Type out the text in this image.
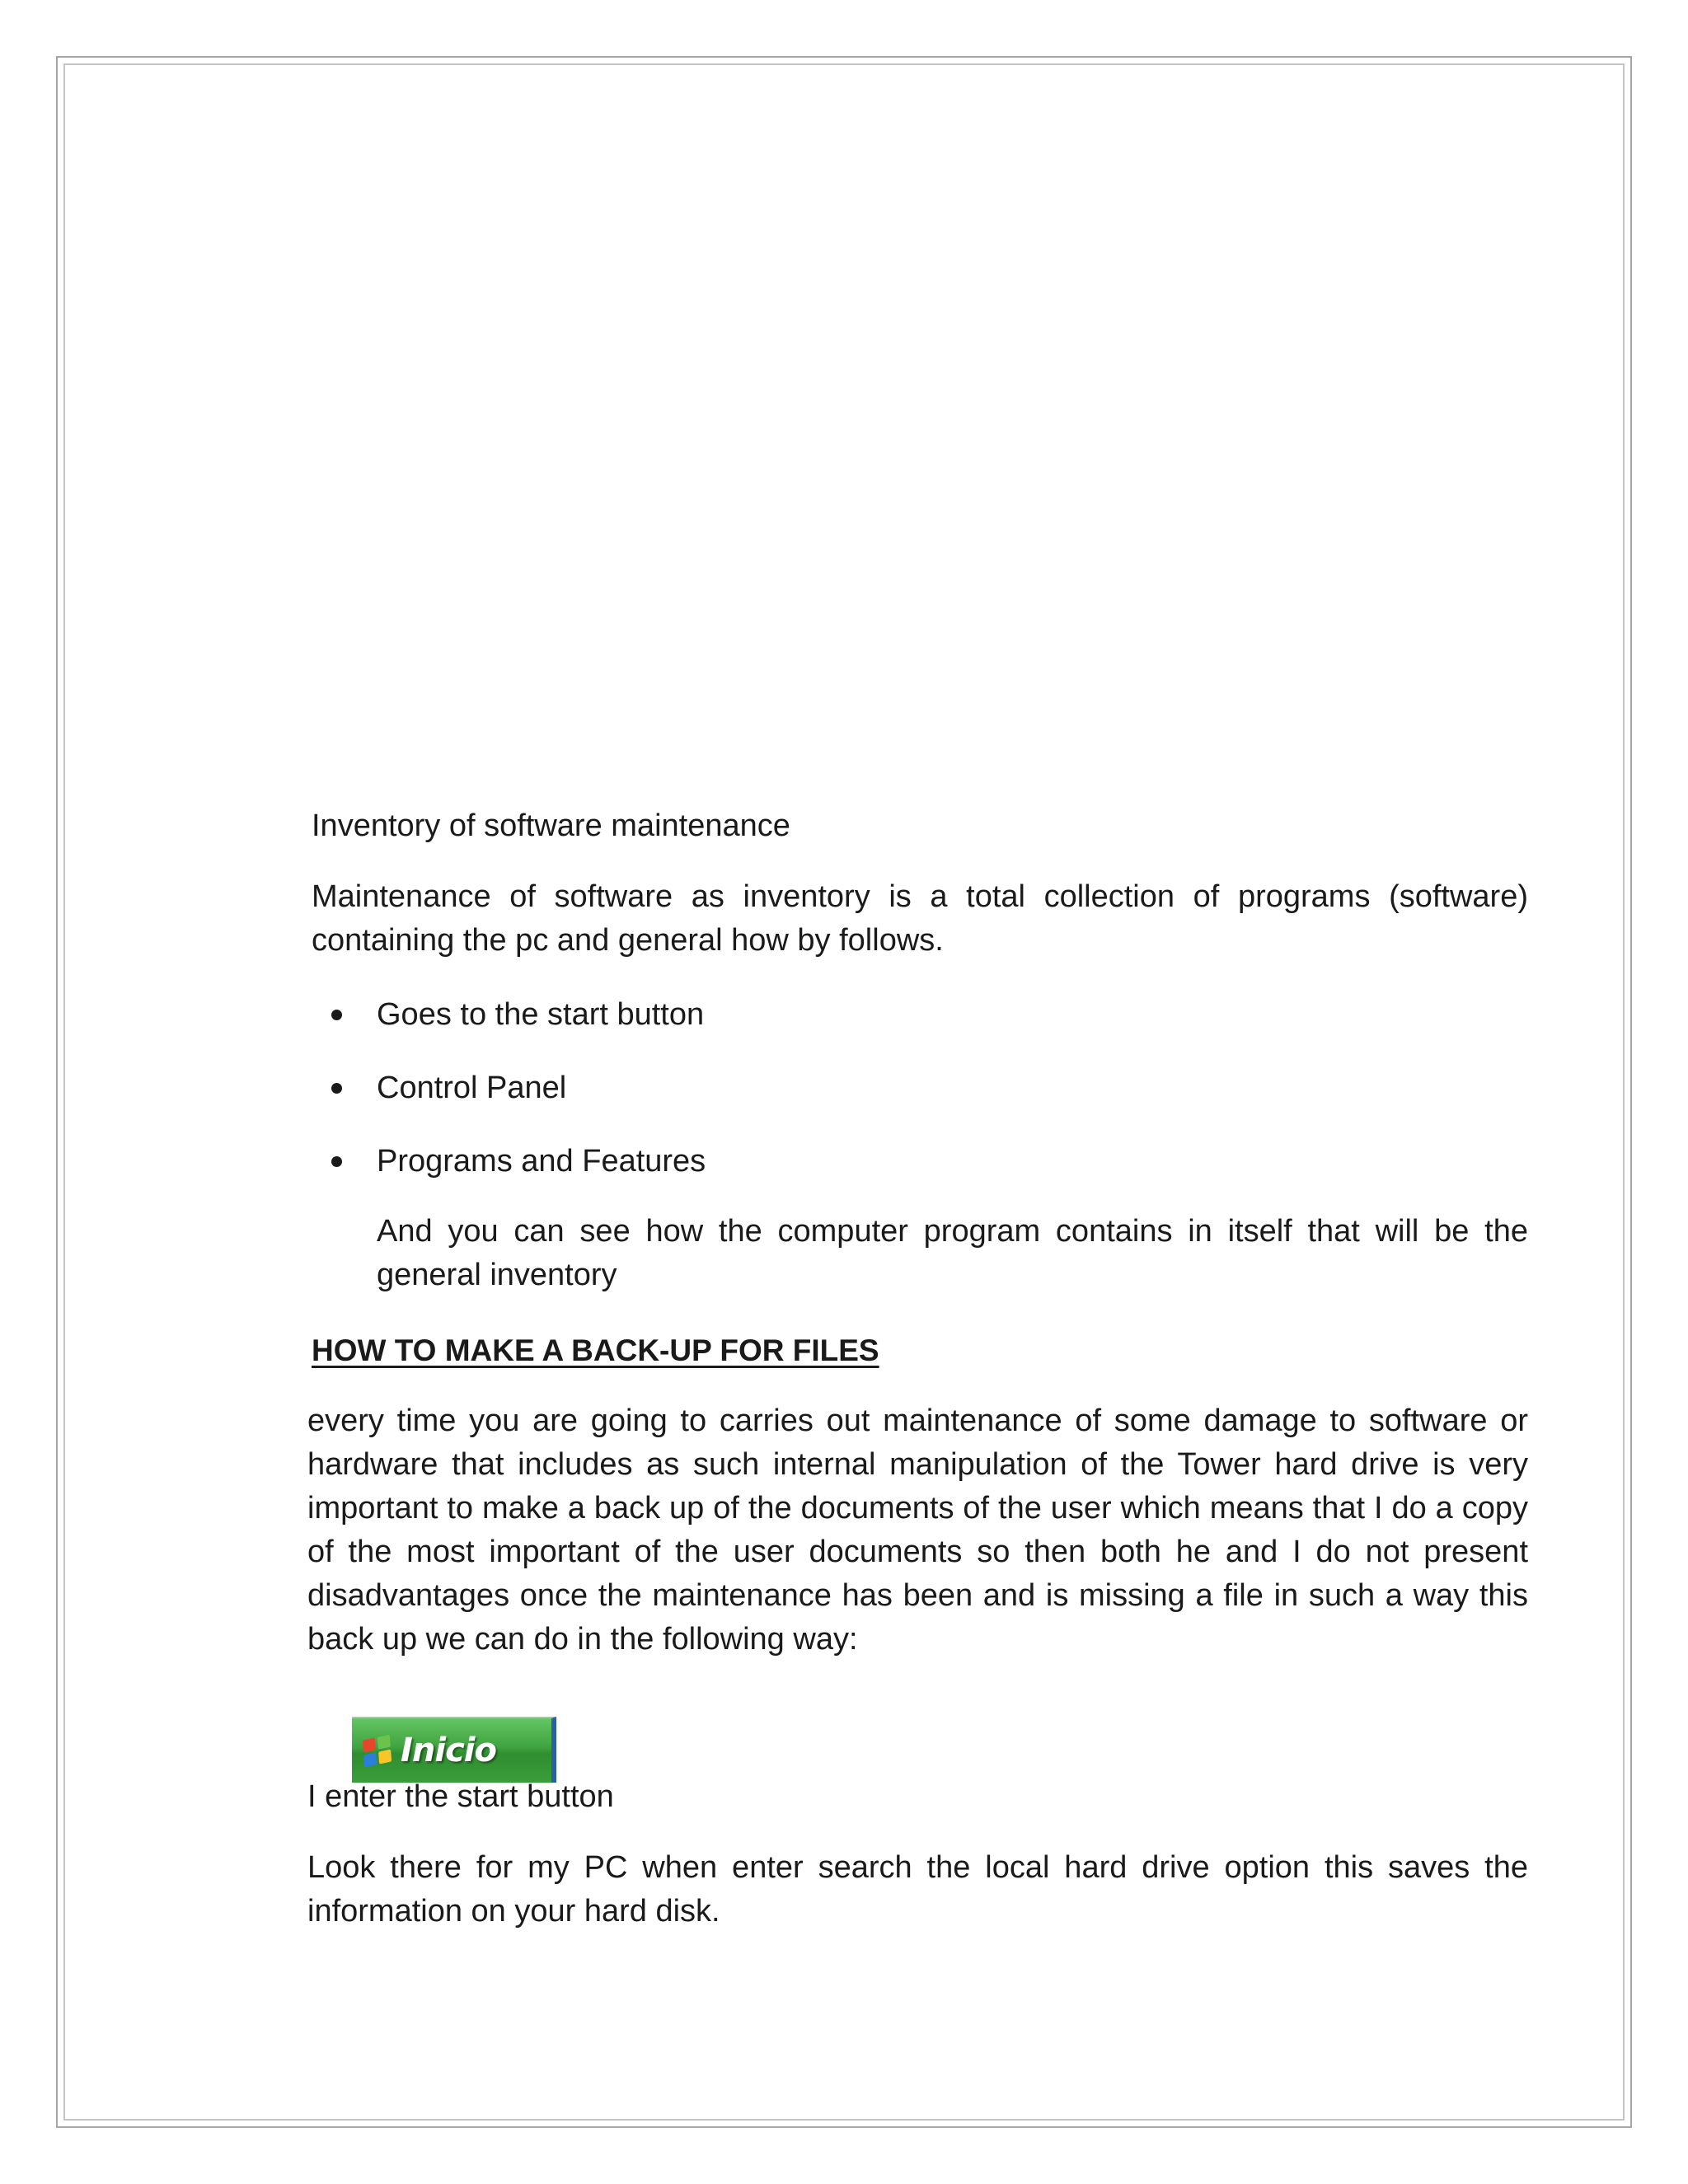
Inventory of software maintenance

Maintenance of software as inventory is a total collection of programs (software) containing the pc and general how by follows.

Goes to the start button
Control Panel
Programs and Features

And you can see how the computer program contains in itself that will be the general inventory

HOW TO MAKE A BACK-UP FOR FILES

every time you are going to carries out maintenance of some damage to software or hardware that includes as such internal manipulation of the Tower hard drive is very important to make a back up of the documents of the user which means that I do a copy of the most important of the user documents so then both he and I do not present disadvantages once the maintenance has been and is missing a file in such a way this back up we can do in the following way:

Inicio

I enter the start button

Look there for my PC when enter search the local hard drive option this saves the information on your hard disk.
